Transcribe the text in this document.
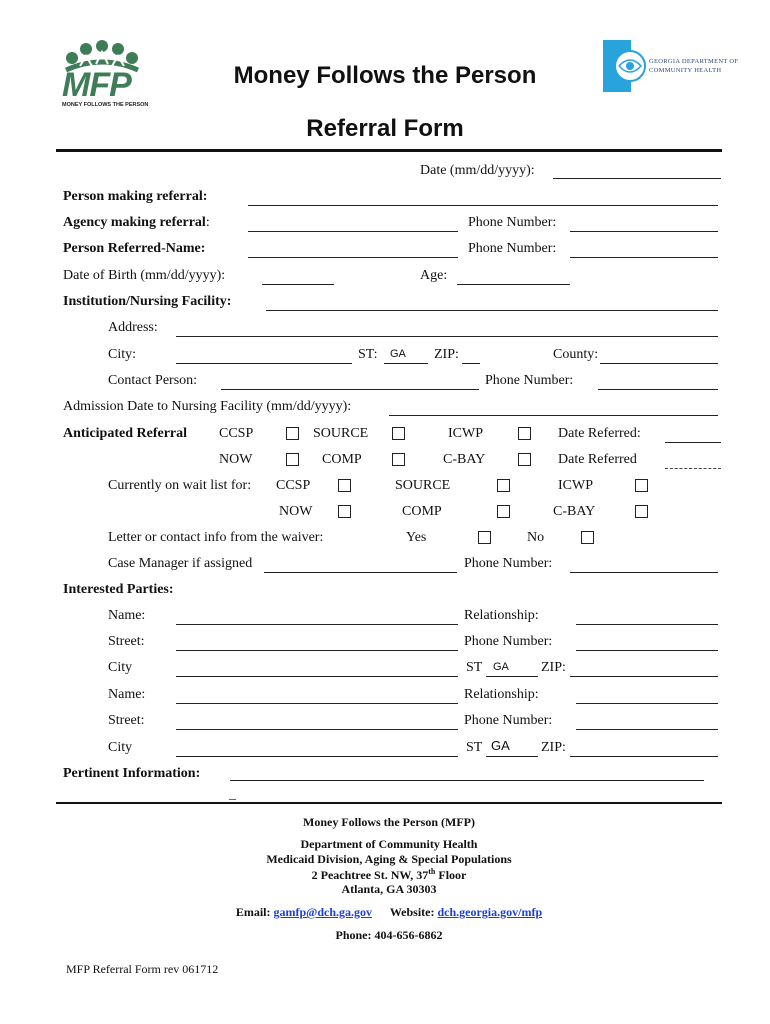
MFP
MONEY FOLLOWS THE PERSON
Money Follows the Person
Referral Form
GEORGIA DEPARTMENT OF
COMMUNITY HEALTH
Date (mm/dd/yyyy):
Person making referral:
Agency making referral:	Phone Number:
Person Referred-Name:	Phone Number:
Date of Birth (mm/dd/yyyy):	Age:
Institution/Nursing Facility:
Address:
City:	ST: GA ZIP:	County:
Contact Person:	Phone Number:
Admission Date to Nursing Facility (mm/dd/yyyy):
Anticipated Referral CCSP	SOURCE	ICWP	Date Referred:
NOW	COMP	C-BAY	Date Referred
Currently on wait list for: CCSP	SOURCE	ICWP
NOW	COMP	C-BAY
Letter or contact info from the waiver:	Yes	No
Case Manager if assigned	Phone Number:
Interested Parties:
Name:	Relationship:
Street:	Phone Number:
City	ST GA ZIP:
Name:	Relationship:
Street:	Phone Number:
City	ST GA ZIP:
Pertinent Information:
_
Money Follows the Person (MFP)
Department of Community Health
Medicaid Division, Aging & Special Populations
2 Peachtree St. NW, 37th Floor
Atlanta, GA 30303
Email: gamfp@dch.ga.gov Website: dch.georgia.gov/mfp
Phone: 404-656-6862
MFP Referral Form rev 061712
